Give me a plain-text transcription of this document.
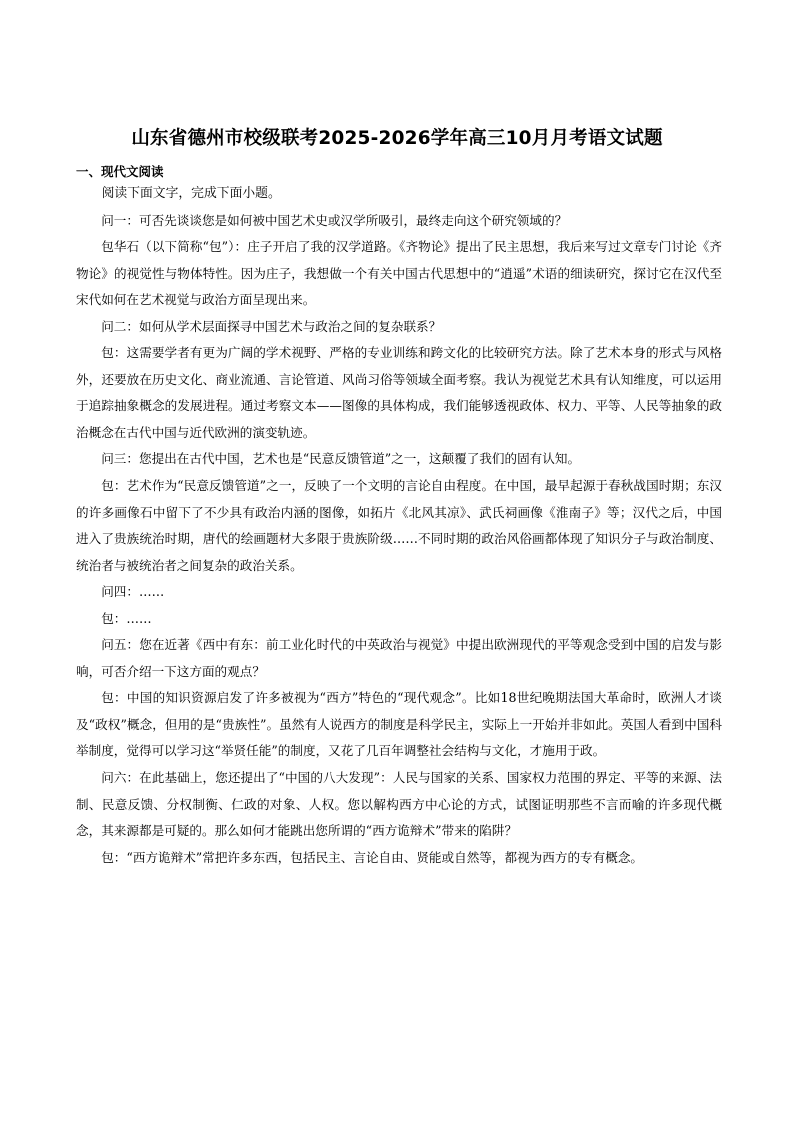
山东省德州市校级联考2025-2026学年高三10月月考语文试题
一、现代文阅读

阅读下面文字，完成下面小题。

问一：可否先谈谈您是如何被中国艺术史或汉学所吸引，最终走向这个研究领域的？

包华石（以下简称“包”）：庄子开启了我的汉学道路。《齐物论》提出了民主思想，我后来写过文章专门讨论《齐物论》的视觉性与物体特性。因为庄子，我想做一个有关中国古代思想中的“逍遥”术语的细读研究，探讨它在汉代至宋代如何在艺术视觉与政治方面呈现出来。

问二：如何从学术层面探寻中国艺术与政治之间的复杂联系？

包：这需要学者有更为广阔的学术视野、严格的专业训练和跨文化的比较研究方法。除了艺术本身的形式与风格外，还要放在历史文化、商业流通、言论管道、风尚习俗等领域全面考察。我认为视觉艺术具有认知维度，可以运用于追踪抽象概念的发展进程。通过考察文本——图像的具体构成，我们能够透视政体、权力、平等、人民等抽象的政治概念在古代中国与近代欧洲的演变轨迹。

问三：您提出在古代中国，艺术也是“民意反馈管道”之一，这颠覆了我们的固有认知。

包：艺术作为“民意反馈管道”之一，反映了一个文明的言论自由程度。在中国，最早起源于春秋战国时期；东汉的许多画像石中留下了不少具有政治内涵的图像，如拓片《北风其凉》、武氏祠画像《淮南子》等；汉代之后，中国进入了贵族统治时期，唐代的绘画题材大多限于贵族阶级……不同时期的政治风俗画都体现了知识分子与政治制度、统治者与被统治者之间复杂的政治关系。

问四：……

包：……

问五：您在近著《西中有东：前工业化时代的中英政治与视觉》中提出欧洲现代的平等观念受到中国的启发与影响，可否介绍一下这方面的观点？

包：中国的知识资源启发了许多被视为“西方”特色的“现代观念”。比如18世纪晚期法国大革命时，欧洲人才谈及“政权”概念，但用的是“贵族性”。虽然有人说西方的制度是科学民主，实际上一开始并非如此。英国人看到中国科举制度，觉得可以学习这“举贤任能”的制度，又花了几百年调整社会结构与文化，才施用于政。

问六：在此基础上，您还提出了“中国的八大发现”：人民与国家的关系、国家权力范围的界定、平等的来源、法制、民意反馈、分权制衡、仁政的对象、人权。您以解构西方中心论的方式，试图证明那些不言而喻的许多现代概念，其来源都是可疑的。那么如何才能跳出您所谓的“西方诡辩术”带来的陷阱？

包：“西方诡辩术”常把许多东西，包括民主、言论自由、贤能或自然等，都视为西方的专有概念。
